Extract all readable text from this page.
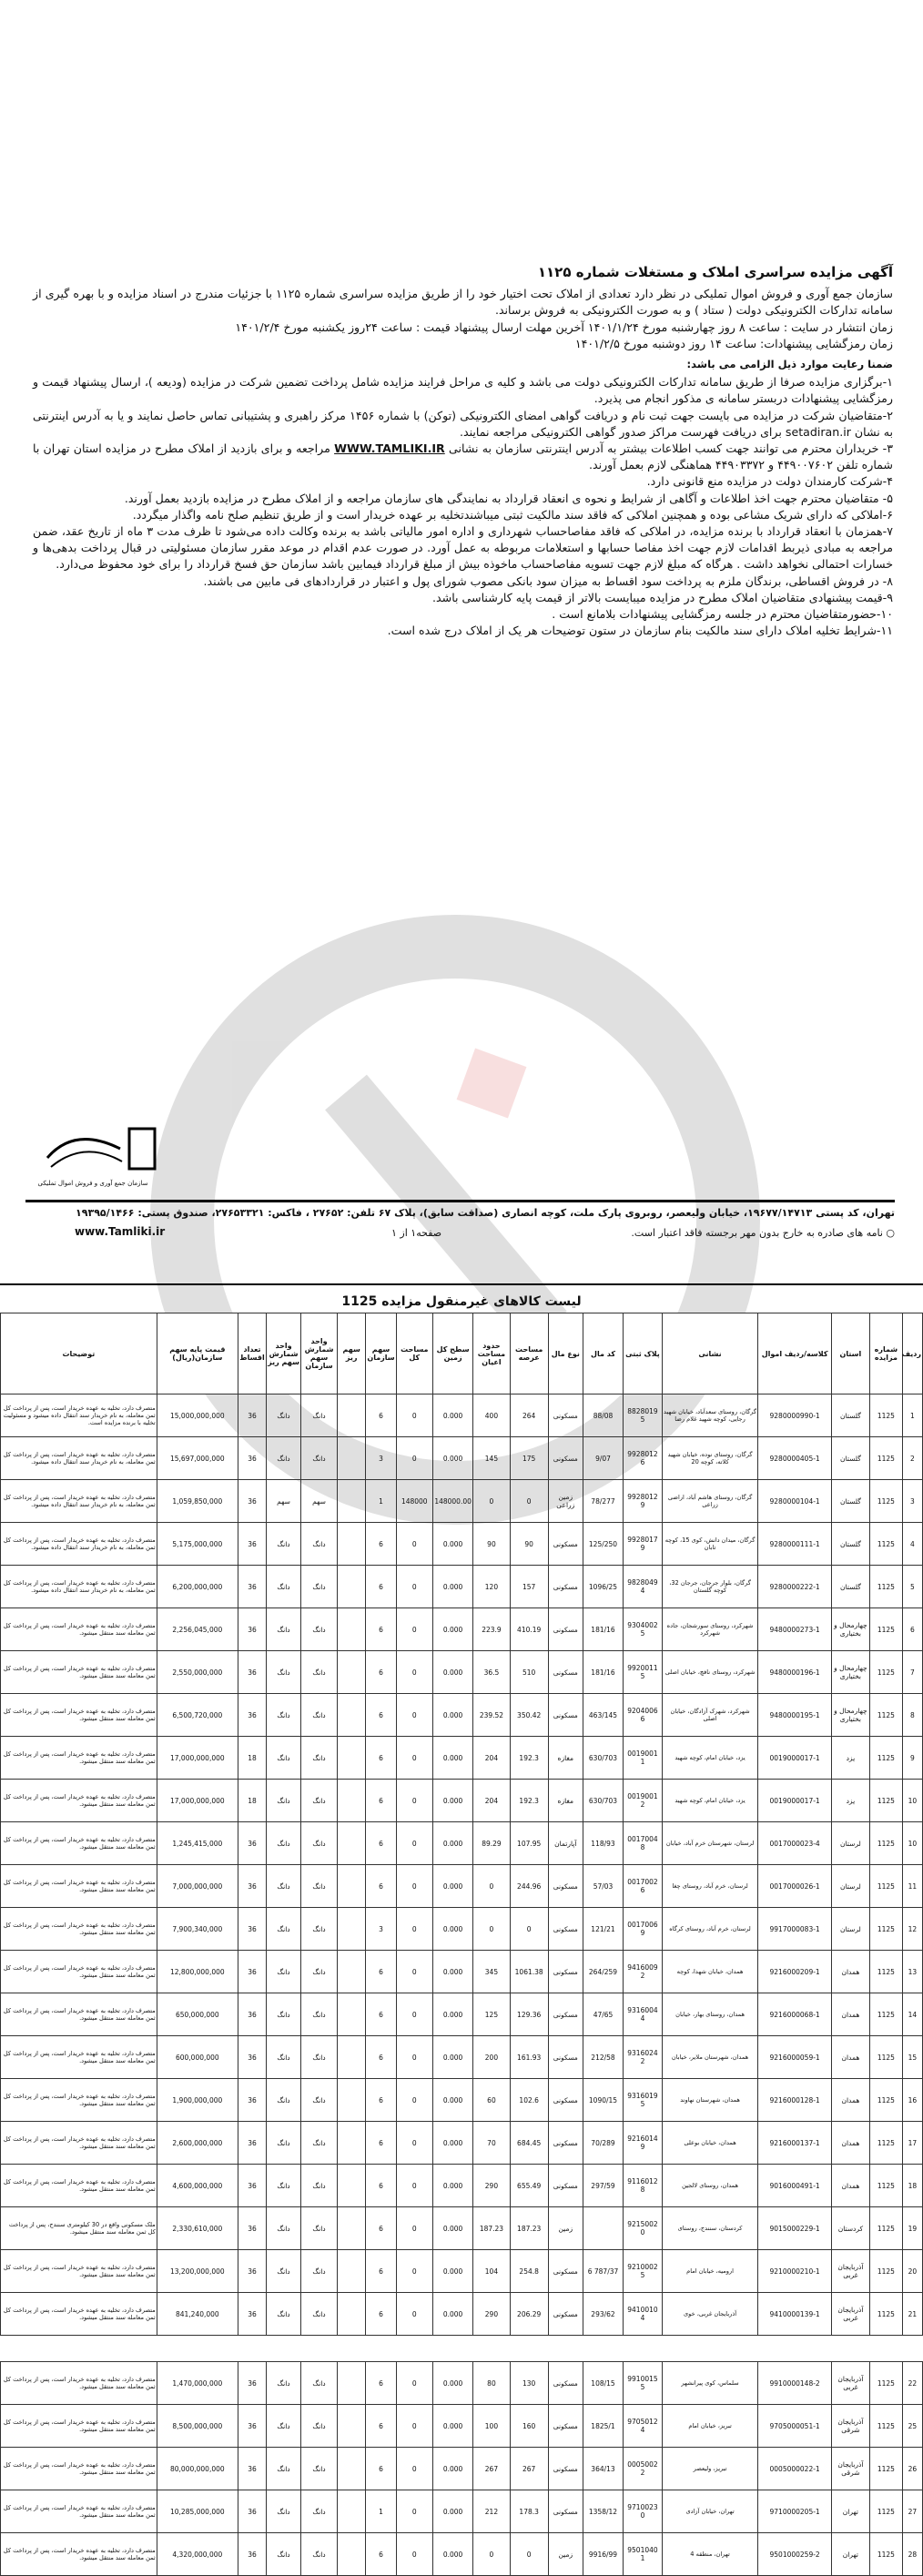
آگهی مزایده سراسری املاک و مستغلات شماره ۱۱۲۵

سازمان جمع آوری و فروش اموال تملیکی در نظر دارد تعدادی از املاک تحت اختیار خود را از طریق مزایده سراسری شماره ۱۱۲۵ با جزئیات مندرج در اسناد مزایده و با بهره گیری از سامانه تدارکات الکترونیکی دولت ( ستاد ) و به صورت الکترونیکی به فروش برساند.

زمان انتشار در سایت : ساعت ۸ روز چهارشنبه مورخ ۱۴۰۱/۱/۲۴ آخرین مهلت ارسال پیشنهاد قیمت : ساعت ۲۴روز یکشنبه مورخ ۱۴۰۱/۲/۴

زمان رمزگشایی پیشنهادات: ساعت ۱۴ روز دوشنبه مورخ ۱۴۰۱/۲/۵

ضمنا رعایت موارد ذیل الزامی می باشد:

۱-برگزاری مزایده صرفا از طریق سامانه تدارکات الکترونیکی دولت می باشد و کلیه ی مراحل فرایند مزایده شامل پرداخت تضمین شرکت در مزایده (ودیعه )، ارسال پیشنهاد قیمت و رمزگشایی پیشنهادات دربستر سامانه ی مذکور انجام می پذیرد.

۲-متقاضیان شرکت در مزایده می بایست جهت ثبت نام و دریافت گواهی امضای الکترونیکی (توکن) با شماره ۱۴۵۶ مرکز راهبری و پشتیبانی تماس حاصل نمایند و یا به آدرس اینترنتی به نشان setadiran.ir برای دریافت فهرست مراکز صدور گواهی الکترونیکی مراجعه نمایند.

۳- خریداران محترم می توانند جهت کسب اطلاعات بیشتر به آدرس اینترنتی سازمان به نشانی WWW.TAMLIKI.IR مراجعه و برای بازدید از املاک مطرح در مزایده استان تهران با شماره تلفن ۴۴۹۰۰۷۶۰۲ و ۴۴۹۰۳۳۷۲ هماهنگی لازم بعمل آورند.

۴-شرکت کارمندان دولت در مزایده منع قانونی دارد.

۵- متقاضیان محترم جهت اخذ اطلاعات و آگاهی از شرایط و نحوه ی انعقاد قرارداد به نمایندگی های سازمان مراجعه و از املاک مطرح در مزایده بازدید بعمل آورند.

۶-املاکی که دارای شریک مشاعی بوده و همچنین املاکی که فاقد سند مالکیت ثبتی میباشندتخلیه بر عهده خریدار است و از طریق تنظیم صلح نامه واگذار میگردد.

۷-همزمان با انعقاد قرارداد با برنده مزایده، در املاکی که فاقد مفاصاحساب شهرداری و اداره امور مالیاتی باشد به برنده وکالت داده می‌شود تا ظرف مدت ۳ ماه از تاریخ عقد، ضمن مراجعه به مبادی ذیربط اقدامات لازم جهت اخذ مفاصا حسابها و استعلامات مربوطه به عمل آورد. در صورت عدم اقدام در موعد مقرر سازمان مسئولیتی در قبال پرداخت بدهی‌ها و خسارات احتمالی نخواهد داشت . هرگاه که مبلغ لازم جهت تسویه مفاصاحساب ماخوذه بیش از مبلغ قرارداد فیمابین باشد سازمان حق فسخ قرارداد را برای خود محفوظ می‌دارد.

۸- در فروش اقساطی، برندگان ملزم به پرداخت سود اقساط به میزان سود بانکی مصوب شورای پول و اعتبار در قراردادهای فی مابین می باشند.

۹-قیمت پیشنهادی متقاضیان املاک مطرح در مزایده میبایست بالاتر از قیمت پایه کارشناسی باشد.

۱۰-حضورمتقاضیان محترم در جلسه رمزگشایی پیشنهادات بلامانع است .

۱۱-شرایط تخلیه املاک دارای سند مالکیت بنام سازمان در ستون توضیحات هر یک از املاک درج شده است.

سازمان جمع آوری و فروش اموال تملیکی
تهران، کد پستی ۱۹۶۷۷/۱۴۷۱۳، خیابان ولیعصر، روبروی پارک ملت، کوچه انصاری (صداقت سابق)، پلاک ۶۷ تلفن: ۲۷۶۵۲ ، فاکس: ۲۷۶۵۳۳۲۱، صندوق پستی: ۱۹۳۹۵/۱۴۶۶
○ نامه های صادره به خارج بدون مهر برجسته فاقد اعتبار است.
صفحه۱ از ۱
www.Tamliki.ir
لیست کالاهای غیرمنقول مزایده 1125
ردیف	شماره مزایده	استان	کلاسه/ردیف اموال	نشانی	پلاک ثبتی	کد مال	نوع مال	مساحت عرصه	حدود مساحت اعیان	سطح کل زمین	مساحت کل	سهم سازمان	سهم ریز	واحد شمارش سهم سازمان	واحد شمارش سهم ریز	تعداد اقساط	قیمت پایه سهم سازمان(ریال)	توضیحات
1	1125	گلستان	9280000990-1	گرگان، روستای سعدآباد، خیابان شهید رجایی، کوچه شهید غلام رضا	8828019 5	88/08	مسکونی	264	400	0.000	0	6		دانگ	دانگ	36	15,000,000,000	متصرف دارد، تخلیه به عهده خریدار است، پس از پرداخت کل ثمن معامله، به نام خریدار سند انتقال داده میشود و مسئولیت تخلیه با برنده مزایده است.
2	1125	گلستان	9280000405-1	گرگان، روستای نوده، خیابان شهید کلاته، کوچه 20	9928012 6	9/07	مسکونی	175	145	0.000	0	3		دانگ	دانگ	36	15,697,000,000	متصرف دارد، تخلیه به عهده خریدار است، پس از پرداخت کل ثمن معامله، به نام خریدار سند انتقال داده میشود.
3	1125	گلستان	9280000104-1	گرگان، روستای هاشم آباد، اراضی زراعی	9928012 9	78/277	زمین زراعی	0	0	148000.00	148000	1		سهم	سهم	36	1,059,850,000	متصرف دارد، تخلیه به عهده خریدار است، پس از پرداخت کل ثمن معامله، به نام خریدار سند انتقال داده میشود.
4	1125	گلستان	9280000111-1	گرگان، میدان دانش، کوی 15، کوچه تابان	9928017 9	125/250	مسکونی	90	90	0.000	0	6		دانگ	دانگ	36	5,175,000,000	متصرف دارد، تخلیه به عهده خریدار است، پس از پرداخت کل ثمن معامله، به نام خریدار سند انتقال داده میشود.
5	1125	گلستان	9280000222-1	گرگان، بلوار جرجان، جرجان 32، کوچه گلستان	9828049 4	1096/25	مسکونی	157	120	0.000	0	6		دانگ	دانگ	36	6,200,000,000	متصرف دارد، تخلیه به عهده خریدار است، پس از پرداخت کل ثمن معامله، به نام خریدار سند انتقال داده میشود.
6	1125	چهارمحال و بختیاری	9480000273-1	شهرکرد، روستای سورشجان، جاده شهرکرد	9304002 5	181/16	مسکونی	410.19	223.9	0.000	0	6		دانگ	دانگ	36	2,256,045,000	متصرف دارد، تخلیه به عهده خریدار است، پس از پرداخت کل ثمن معامله سند منتقل میشود.
7	1125	چهارمحال و بختیاری	9480000196-1	شهرکرد، روستای نافچ، خیابان اصلی	9920011 5	181/16	مسکونی	510	36.5	0.000	0	6		دانگ	دانگ	36	2,550,000,000	متصرف دارد، تخلیه به عهده خریدار است، پس از پرداخت کل ثمن معامله سند منتقل میشود.
8	1125	چهارمحال و بختیاری	9480000195-1	شهرکرد، شهرک آزادگان، خیابان اصلی	9204006 6	463/145	مسکونی	350.42	239.52	0.000	0	6		دانگ	دانگ	36	6,500,720,000	متصرف دارد، تخلیه به عهده خریدار است، پس از پرداخت کل ثمن معامله سند منتقل میشود.
9	1125	یزد	0019000017-1	یزد، خیابان امام، کوچه شهید	0019001 1	630/703	مغازه	192.3	204	0.000	0	6		دانگ	دانگ	18	17,000,000,000	متصرف دارد، تخلیه به عهده خریدار است، پس از پرداخت کل ثمن معامله سند منتقل میشود.
10	1125	یزد	0019000017-1	یزد، خیابان امام، کوچه شهید	0019001 2	630/703	مغازه	192.3	204	0.000	0	6		دانگ	دانگ	18	17,000,000,000	متصرف دارد، تخلیه به عهده خریدار است، پس از پرداخت کل ثمن معامله سند منتقل میشود.
10	1125	لرستان	0017000023-4	لرستان، شهرستان خرم آباد، خیابان	0017004 8	118/93	آپارتمان	107.95	89.29	0.000	0	6		دانگ	دانگ	36	1,245,415,000	متصرف دارد، تخلیه به عهده خریدار است، پس از پرداخت کل ثمن معامله سند منتقل میشود.
11	1125	لرستان	0017000026-1	لرستان، خرم آباد، روستای چغا	0017002 6	57/03	مسکونی	244.96	0	0.000	0	6		دانگ	دانگ	36	7,000,000,000	متصرف دارد، تخلیه به عهده خریدار است، پس از پرداخت کل ثمن معامله سند منتقل میشود.
12	1125	لرستان	9917000083-1	لرستان، خرم آباد، روستای کرگاه	0017006 9	121/21	مسکونی	0	0	0.000	0	3		دانگ	دانگ	36	7,900,340,000	متصرف دارد، تخلیه به عهده خریدار است، پس از پرداخت کل ثمن معامله سند منتقل میشود.
13	1125	همدان	9216000209-1	همدان، خیابان شهدا، کوچه	9416009 2	264/259	مسکونی	1061.38	345	0.000	0	6		دانگ	دانگ	36	12,800,000,000	متصرف دارد، تخلیه به عهده خریدار است، پس از پرداخت کل ثمن معامله سند منتقل میشود.
14	1125	همدان	9216000068-1	همدان، روستای بهار، خیابان	9316004 4	47/65	مسکونی	129.36	125	0.000	0	6		دانگ	دانگ	36	650,000,000	متصرف دارد، تخلیه به عهده خریدار است، پس از پرداخت کل ثمن معامله سند منتقل میشود.
15	1125	همدان	9216000059-1	همدان، شهرستان ملایر، خیابان	9316024 2	212/58	مسکونی	161.93	200	0.000	0	6		دانگ	دانگ	36	600,000,000	متصرف دارد، تخلیه به عهده خریدار است، پس از پرداخت کل ثمن معامله سند منتقل میشود.
16	1125	همدان	9216000128-1	همدان، شهرستان نهاوند	9316019 5	1090/15	مسکونی	102.6	60	0.000	0	6		دانگ	دانگ	36	1,900,000,000	متصرف دارد، تخلیه به عهده خریدار است، پس از پرداخت کل ثمن معامله سند منتقل میشود.
17	1125	همدان	9216000137-1	همدان، خیابان بوعلی	9216014 9	70/289	مسکونی	684.45	70	0.000	0	6		دانگ	دانگ	36	2,600,000,000	متصرف دارد، تخلیه به عهده خریدار است، پس از پرداخت کل ثمن معامله سند منتقل میشود.
18	1125	همدان	9016000491-1	همدان، روستای لالجین	9116012 8	297/59	مسکونی	655.49	290	0.000	0	6		دانگ	دانگ	36	4,600,000,000	متصرف دارد، تخلیه به عهده خریدار است، پس از پرداخت کل ثمن معامله سند منتقل میشود.
19	1125	کردستان	9015000229-1	کردستان، سنندج، روستای	9215002 0		زمین	187.23	187.23	0.000	0	6		دانگ	دانگ	36	2,330,610,000	ملک مسکونی واقع در 30 کیلومتری سنندج، پس از پرداخت کل ثمن معامله سند منتقل میشود.
20	1125	آذربایجان غربی	9210000210-1	ارومیه، خیابان امام	9210002 5	787/37 6	مسکونی	254.8	104	0.000	0	6		دانگ	دانگ	36	13,200,000,000	متصرف دارد، تخلیه به عهده خریدار است، پس از پرداخت کل ثمن معامله سند منتقل میشود.
21	1125	آذربایجان غربی	9410000139-1	آذربایجان غربی، خوی	9410010 4	293/62	مسکونی	206.29	290	0.000	0	6		دانگ	دانگ	36	841,240,000	متصرف دارد، تخلیه به عهده خریدار است، پس از پرداخت کل ثمن معامله سند منتقل میشود.

22	1125	آذربایجان غربی	9910000148-2	سلماس، کوی پیرانشهر	9910015 5	108/15	مسکونی	130	80	0.000	0	6		دانگ	دانگ	36	1,470,000,000	متصرف دارد، تخلیه به عهده خریدار است، پس از پرداخت کل ثمن معامله سند منتقل میشود.
25	1125	آذربایجان شرقی	9705000051-1	تبریز، خیابان امام	9705012 4	1825/1	مسکونی	160	100	0.000	0	6		دانگ	دانگ	36	8,500,000,000	متصرف دارد، تخلیه به عهده خریدار است، پس از پرداخت کل ثمن معامله سند منتقل میشود.
26	1125	آذربایجان شرقی	0005000022-1	تبریز، ولیعصر	0005002 2	364/13	مسکونی	267	267	0.000	0	6		دانگ	دانگ	36	80,000,000,000	متصرف دارد، تخلیه به عهده خریدار است، پس از پرداخت کل ثمن معامله سند منتقل میشود.
27	1125	تهران	9710000205-1	تهران، خیابان آزادی	9710023 0	1358/12	مسکونی	178.3	212	0.000	0	1		دانگ	دانگ	36	10,285,000,000	متصرف دارد، تخلیه به عهده خریدار است، پس از پرداخت کل ثمن معامله سند منتقل میشود.
28	1125	تهران	9501000259-2	تهران، منطقه 4	9501040 1	9916/99	زمین	0	0	0.000	0	6		دانگ	دانگ	36	4,320,000,000	متصرف دارد، تخلیه به عهده خریدار است، پس از پرداخت کل ثمن معامله سند منتقل میشود.
